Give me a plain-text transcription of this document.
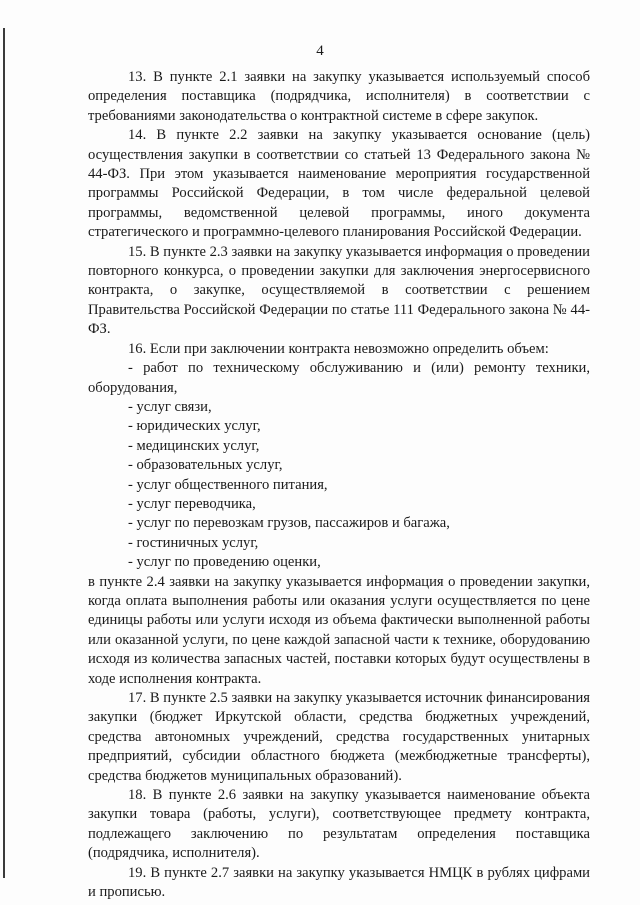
4

13. В пункте 2.1 заявки на закупку указывается используемый способ определения поставщика (подрядчика, исполнителя) в соответствии с требованиями законодательства о контрактной системе в сфере закупок.

14. В пункте 2.2 заявки на закупку указывается основание (цель) осуществления закупки в соответствии со статьей 13 Федерального закона № 44-ФЗ. При этом указывается наименование мероприятия государственной программы Российской Федерации, в том числе федеральной целевой программы, ведомственной целевой программы, иного документа стратегического и программно-целевого планирования Российской Федерации.

15. В пункте 2.3 заявки на закупку указывается информация о проведении повторного конкурса, о проведении закупки для заключения энергосервисного контракта, о закупке, осуществляемой в соответствии с решением Правительства Российской Федерации по статье 111 Федерального закона № 44-ФЗ.

16. Если при заключении контракта невозможно определить объем:

- работ по техническому обслуживанию и (или) ремонту техники, оборудования,

- услуг связи,

- юридических услуг,

- медицинских услуг,

- образовательных услуг,

- услуг общественного питания,

- услуг переводчика,

- услуг по перевозкам грузов, пассажиров и багажа,

- гостиничных услуг,

- услуг по проведению оценки,

в пункте 2.4 заявки на закупку указывается информация о проведении закупки, когда оплата выполнения работы или оказания услуги осуществляется по цене единицы работы или услуги исходя из объема фактически выполненной работы или оказанной услуги, по цене каждой запасной части к технике, оборудованию исходя из количества запасных частей, поставки которых будут осуществлены в ходе исполнения контракта.

17. В пункте 2.5 заявки на закупку указывается источник финансирования закупки (бюджет Иркутской области, средства бюджетных учреждений, средства автономных учреждений, средства государственных унитарных предприятий, субсидии областного бюджета (межбюджетные трансферты), средства бюджетов муниципальных образований).

18. В пункте 2.6 заявки на закупку указывается наименование объекта закупки товара (работы, услуги), соответствующее предмету контракта, подлежащего заключению по результатам определения поставщика (подрядчика, исполнителя).

19. В пункте 2.7 заявки на закупку указывается НМЦК в рублях цифрами и прописью.
